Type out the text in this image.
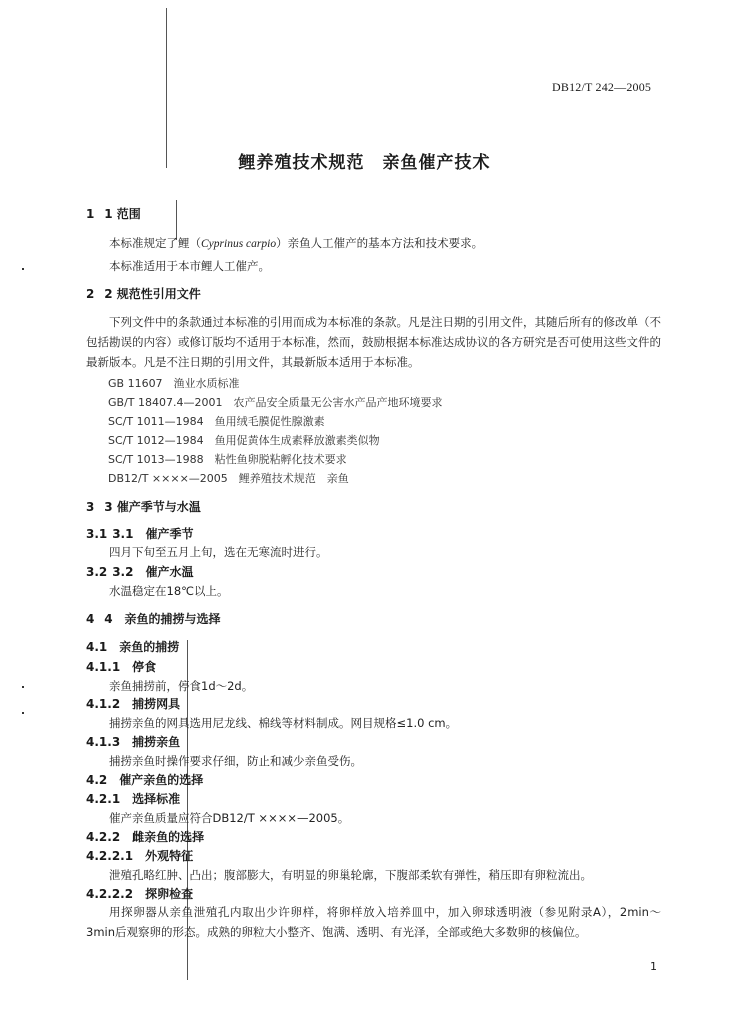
DB12/T 242—2005
鲤养殖技术规范　亲鱼催产技术
1 1 范围
本标准规定了鲤（Cyprinus carpio）亲鱼人工催产的基本方法和技术要求。
本标准适用于本市鲤人工催产。
2 2 规范性引用文件
下列文件中的条款通过本标准的引用而成为本标准的条款。凡是注日期的引用文件，其随后所有的修改单（不包括勘误的内容）或修订版均不适用于本标准，然而，鼓励根据本标准达成协议的各方研究是否可使用这些文件的最新版本。凡是不注日期的引用文件，其最新版本适用于本标准。
GB 11607　渔业水质标准
GB/T 18407.4—2001　农产品安全质量无公害水产品产地环境要求
SC/T 1011—1984　鱼用绒毛膜促性腺激素
SC/T 1012—1984　鱼用促黄体生成素释放激素类似物
SC/T 1013—1988　粘性鱼卵脱粘孵化技术要求
DB12/T ××××—2005　鲤养殖技术规范　亲鱼
3 3 催产季节与水温
3.1 3.1　催产季节
四月下旬至五月上旬，选在无寒流时进行。
3.2 3.2　催产水温
水温稳定在18℃以上。
4 4　亲鱼的捕捞与选择
4.1　亲鱼的捕捞
4.1.1　停食
亲鱼捕捞前，停食1d～2d。
4.1.2　捕捞网具
捕捞亲鱼的网具选用尼龙线、棉线等材料制成。网目规格≤1.0 cm。
4.1.3　捕捞亲鱼
捕捞亲鱼时操作要求仔细，防止和减少亲鱼受伤。
4.2　催产亲鱼的选择
4.2.1　选择标准
催产亲鱼质量应符合DB12/T ××××—2005。
4.2.2　雌亲鱼的选择
4.2.2.1　外观特征
泄殖孔略红肿、凸出；腹部膨大，有明显的卵巢轮廓，下腹部柔软有弹性，稍压即有卵粒流出。
4.2.2.2　探卵检查
用探卵器从亲鱼泄殖孔内取出少许卵样，将卵样放入培养皿中，加入卵球透明液（参见附录A），2min～3min后观察卵的形态。成熟的卵粒大小整齐、饱满、透明、有光泽，全部或绝大多数卵的核偏位。
1
